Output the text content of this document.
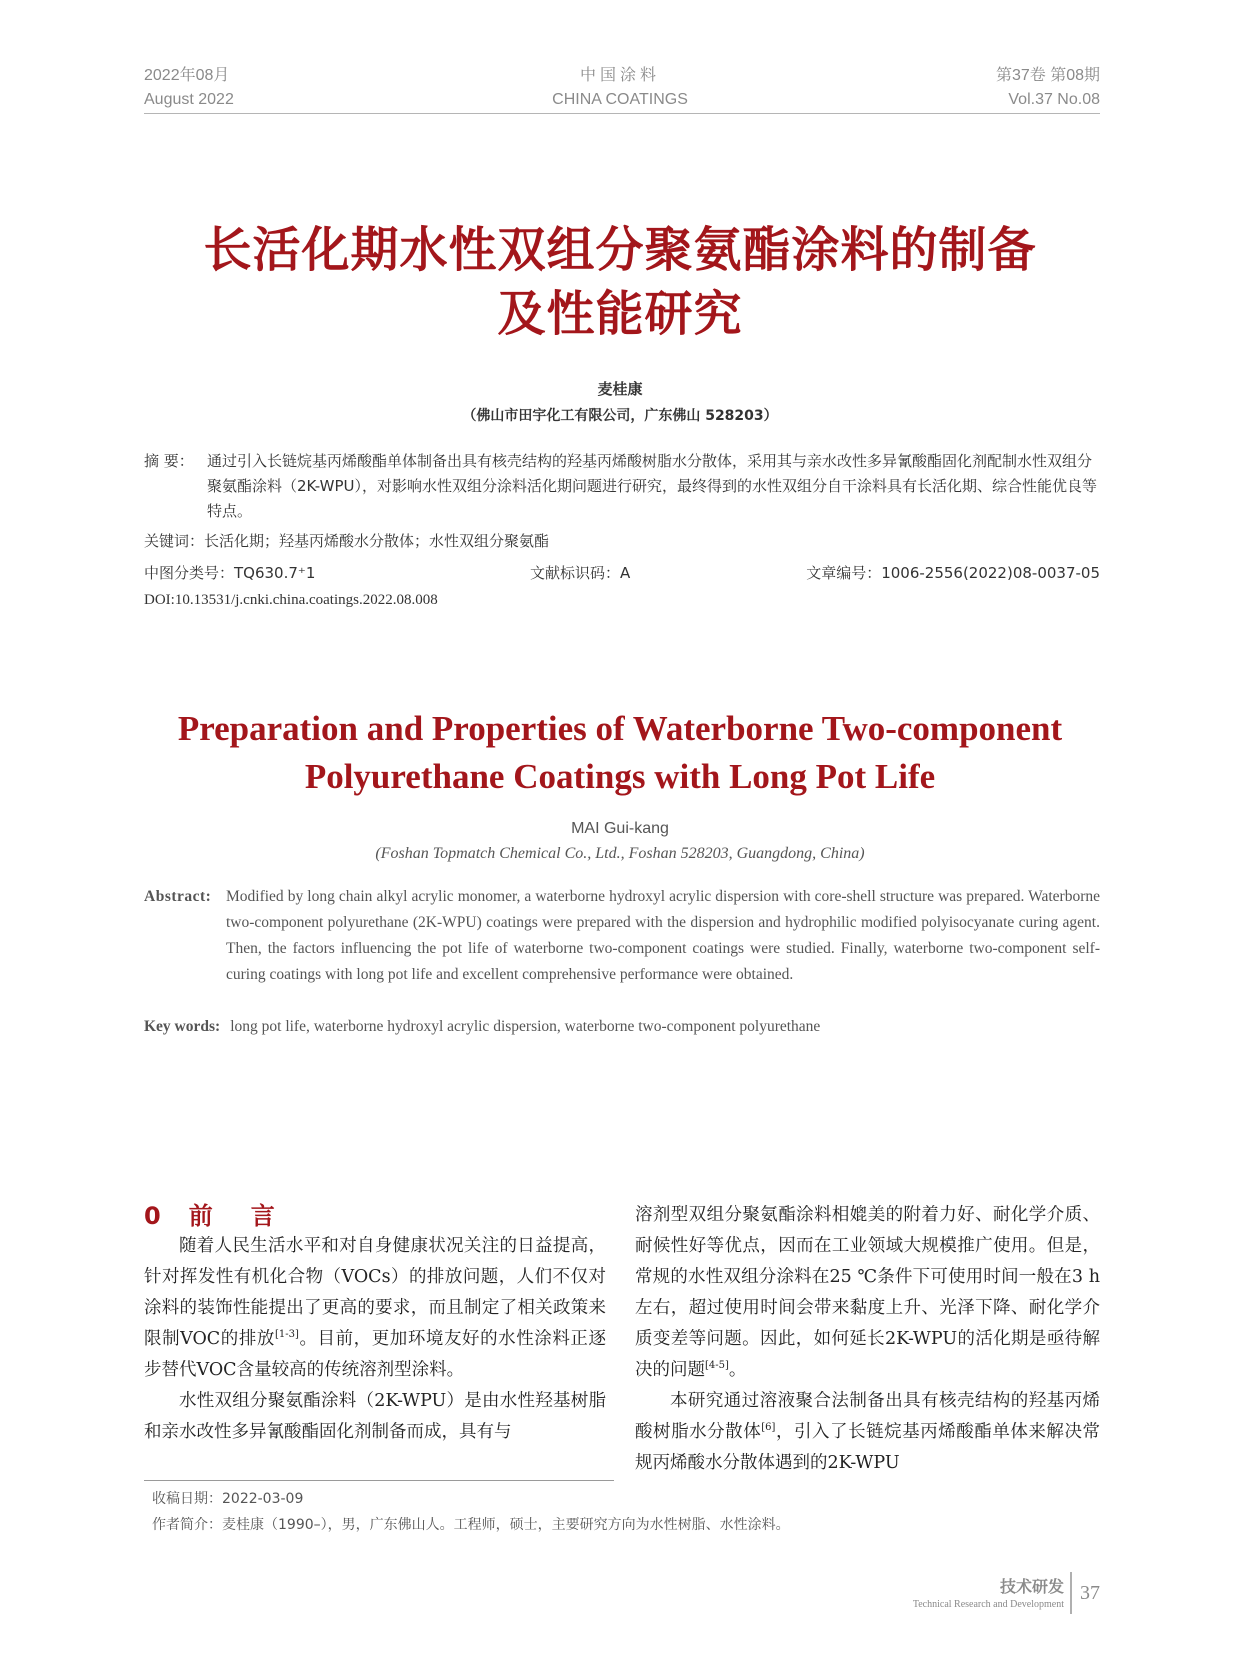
2022年08月
August 2022
中国涂料
CHINA COATINGS
第37卷 第08期
Vol.37 No.08
长活化期水性双组分聚氨酯涂料的制备
及性能研究
麦桂康
（佛山市田宇化工有限公司，广东佛山 528203）
摘 要： 通过引入长链烷基丙烯酸酯单体制备出具有核壳结构的羟基丙烯酸树脂水分散体，采用其与亲水改性多异氰酸酯固化剂配制水性双组分聚氨酯涂料（2K-WPU），对影响水性双组分涂料活化期问题进行研究，最终得到的水性双组分自干涂料具有长活化期、综合性能优良等特点。
关键词：长活化期；羟基丙烯酸水分散体；水性双组分聚氨酯
中图分类号：TQ630.7⁺1	文献标识码：A	文章编号：1006-2556(2022)08-0037-05
DOI:10.13531/j.cnki.china.coatings.2022.08.008
Preparation and Properties of Waterborne Two-component
Polyurethane Coatings with Long Pot Life
MAI Gui-kang
(Foshan Topmatch Chemical Co., Ltd., Foshan 528203, Guangdong, China)
Abstract: Modified by long chain alkyl acrylic monomer, a waterborne hydroxyl acrylic dispersion with core-shell structure was prepared. Waterborne two-component polyurethane (2K-WPU) coatings were prepared with the dispersion and hydrophilic modified polyisocyanate curing agent. Then, the factors influencing the pot life of waterborne two-component coatings were studied. Finally, waterborne two-component self-curing coatings with long pot life and excellent comprehensive performance were obtained.
Key words: long pot life, waterborne hydroxyl acrylic dispersion, waterborne two-component polyurethane
0 前 言

随着人民生活水平和对自身健康状况关注的日益提高，针对挥发性有机化合物（VOCs）的排放问题，人们不仅对涂料的装饰性能提出了更高的要求，而且制定了相关政策来限制VOC的排放[1-3]。目前，更加环境友好的水性涂料正逐步替代VOC含量较高的传统溶剂型涂料。

水性双组分聚氨酯涂料（2K-WPU）是由水性羟基树脂和亲水改性多异氰酸酯固化剂制备而成，具有与

溶剂型双组分聚氨酯涂料相媲美的附着力好、耐化学介质、耐候性好等优点，因而在工业领域大规模推广使用。但是，常规的水性双组分涂料在25 ℃条件下可使用时间一般在3 h左右，超过使用时间会带来黏度上升、光泽下降、耐化学介质变差等问题。因此，如何延长2K-WPU的活化期是亟待解决的问题[4-5]。

本研究通过溶液聚合法制备出具有核壳结构的羟基丙烯酸树脂水分散体[6]，引入了长链烷基丙烯酸酯单体来解决常规丙烯酸水分散体遇到的2K-WPU

收稿日期：2022-03-09
作者简介：麦桂康（1990–），男，广东佛山人。工程师，硕士，主要研究方向为水性树脂、水性涂料。
技术研发
Technical Research and Development
37
